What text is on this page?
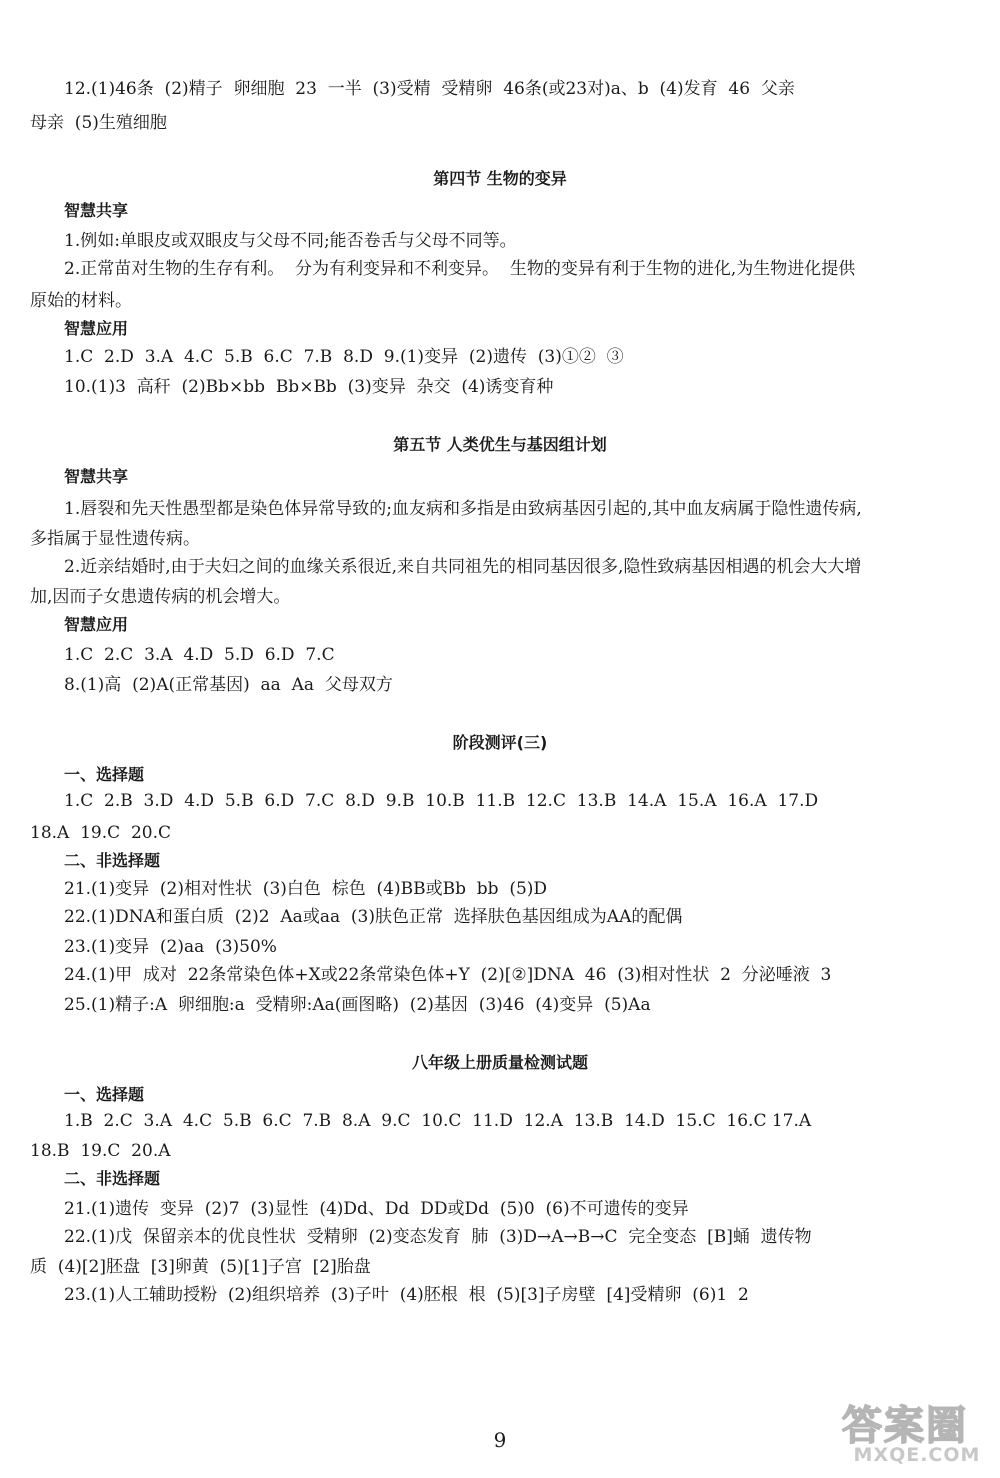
12.(1)46条  (2)精子  卵细胞  23  一半  (3)受精  受精卵  46条(或23对)a、b  (4)发育  46  父亲
母亲  (5)生殖细胞
第四节 生物的变异
智慧共享
1.例如:单眼皮或双眼皮与父母不同;能否卷舌与父母不同等。
2.正常苗对生物的生存有利。  分为有利变异和不利变异。  生物的变异有利于生物的进化,为生物进化提供
原始的材料。
智慧应用
1.C  2.D  3.A  4.C  5.B  6.C  7.B  8.D  9.(1)变异  (2)遗传  (3)①②  ③
10.(1)3  高秆  (2)Bb×bb  Bb×Bb  (3)变异  杂交  (4)诱变育种
第五节 人类优生与基因组计划
智慧共享
1.唇裂和先天性愚型都是染色体异常导致的;血友病和多指是由致病基因引起的,其中血友病属于隐性遗传病,
多指属于显性遗传病。
2.近亲结婚时,由于夫妇之间的血缘关系很近,来自共同祖先的相同基因很多,隐性致病基因相遇的机会大大增
加,因而子女患遗传病的机会增大。
智慧应用
1.C  2.C  3.A  4.D  5.D  6.D  7.C
8.(1)高  (2)A(正常基因)  aa  Aa  父母双方
阶段测评(三)
一、选择题
1.C  2.B  3.D  4.D  5.B  6.D  7.C  8.D  9.B  10.B  11.B  12.C  13.B  14.A  15.A  16.A  17.D
18.A  19.C  20.C
二、非选择题
21.(1)变异  (2)相对性状  (3)白色  棕色  (4)BB或Bb  bb  (5)D
22.(1)DNA和蛋白质  (2)2  Aa或aa  (3)肤色正常  选择肤色基因组成为AA的配偶
23.(1)变异  (2)aa  (3)50%
24.(1)甲  成对  22条常染色体+X或22条常染色体+Y  (2)[②]DNA  46  (3)相对性状  2  分泌唾液  3
25.(1)精子:A  卵细胞:a  受精卵:Aa(画图略)  (2)基因  (3)46  (4)变异  (5)Aa
八年级上册质量检测试题
一、选择题
1.B  2.C  3.A  4.C  5.B  6.C  7.B  8.A  9.C  10.C  11.D  12.A  13.B  14.D  15.C  16.C 17.A
18.B  19.C  20.A
二、非选择题
21.(1)遗传  变异  (2)7  (3)显性  (4)Dd、Dd  DD或Dd  (5)0  (6)不可遗传的变异
22.(1)戊  保留亲本的优良性状  受精卵  (2)变态发育  肺  (3)D→A→B→C  完全变态  [B]蛹  遗传物
质  (4)[2]胚盘  [3]卵黄  (5)[1]子宫  [2]胎盘
23.(1)人工辅助授粉  (2)组织培养  (3)子叶  (4)胚根  根  (5)[3]子房壁  [4]受精卵  (6)1  2
9	答案圈
MXQE.COM
